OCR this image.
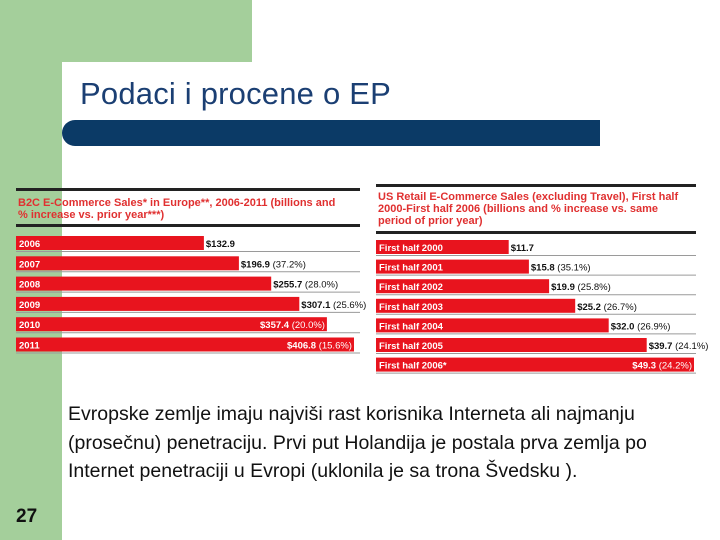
Podaci i procene o EP
B2C E-Commerce Sales* in Europe**, 2006-2011 (billions and % increase vs. prior year***)
2006	$132.9
2007	$196.9 (37.2%)
2008	$255.7 (28.0%)
2009	$307.1 (25.6%)
2010	$357.4 (20.0%)
2011	$406.8 (15.6%)
US Retail E-Commerce Sales (excluding Travel), First half 2000-First half 2006 (billions and % increase vs. same period of prior year)
First half 2000	$11.7
First half 2001	$15.8 (35.1%)
First half 2002	$19.9 (25.8%)
First half 2003	$25.2 (26.7%)
First half 2004	$32.0 (26.9%)
First half 2005	$39.7 (24.1%)
First half 2006*	$49.3 (24.2%)
Evropske zemlje imaju najviši rast korisnika Interneta ali najmanju (prosečnu) penetraciju. Prvi put Holandija je postala prva zemlja po Internet penetraciji u Evropi (uklonila je sa trona Švedsku ).
27
